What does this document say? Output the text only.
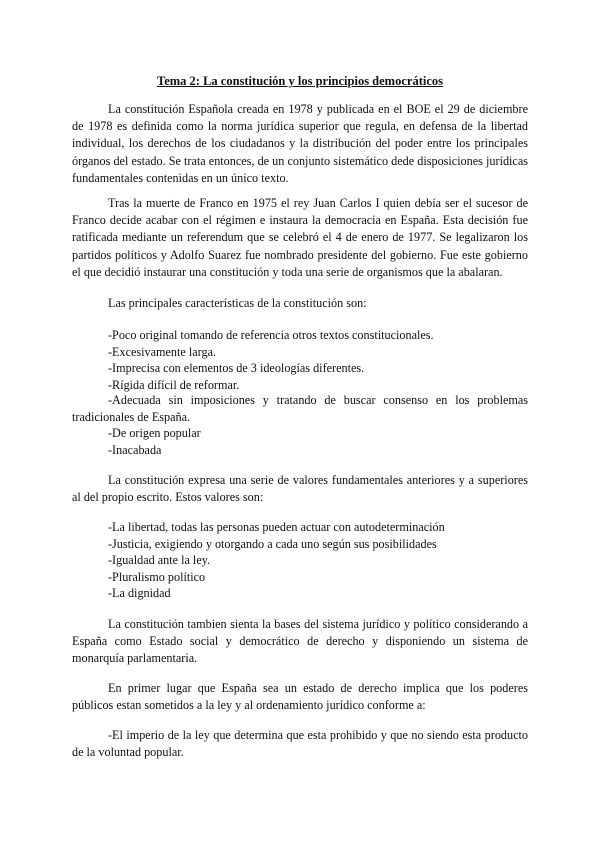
Tema 2: La constitución y los principios democráticos

La constitución Española creada en 1978 y publicada en el BOE el 29 de diciembre de 1978 es definida como la norma jurídica superior que regula, en defensa de la libertad individual, los derechos de los ciudadanos y la distribución del poder entre los principales órganos del estado. Se trata entonces, de un conjunto sistemático dede disposiciones jurídicas fundamentales contenidas en un único texto.

Tras la muerte de Franco en 1975 el rey Juan Carlos I quien debía ser el sucesor de Franco decide acabar con el régimen e instaura la democracia en España. Esta decisión fue ratificada mediante un referendum que se celebró el 4 de enero de 1977. Se legalizaron los partidos políticos y Adolfo Suarez fue nombrado presidente del gobierno. Fue este gobierno el que decidió instaurar una constitución y toda una serie de organismos que la abalaran.

Las principales características de la constitución son:

-Poco original tomando de referencia otros textos constitucionales.

-Excesivamente larga.

-Imprecisa con elementos de 3 ideologías diferentes.

-Rígida difícil de reformar.

-Adecuada sin imposiciones y tratando de buscar consenso en los problemas tradicionales de España.

-De origen popular

-Inacabada

La constitución expresa una serie de valores fundamentales anteriores y a superiores al del propio escrito. Estos valores son:

-La libertad, todas las personas pueden actuar con autodeterminación

-Justicia, exigiendo y otorgando a cada uno según sus posibilidades

-Igualdad ante la ley.

-Pluralismo político

-La dignidad

La constitución tambien sienta la bases del sistema jurídico y político considerando a España como Estado social y democrático de derecho y disponiendo un sistema de monarquía parlamentaria.

En primer lugar que España sea un estado de derecho implica que los poderes públicos estan sometidos a la ley y al ordenamiento jurídico conforme a:

-El imperio de la ley que determina que esta prohibido y que no siendo esta producto de la voluntad popular.
